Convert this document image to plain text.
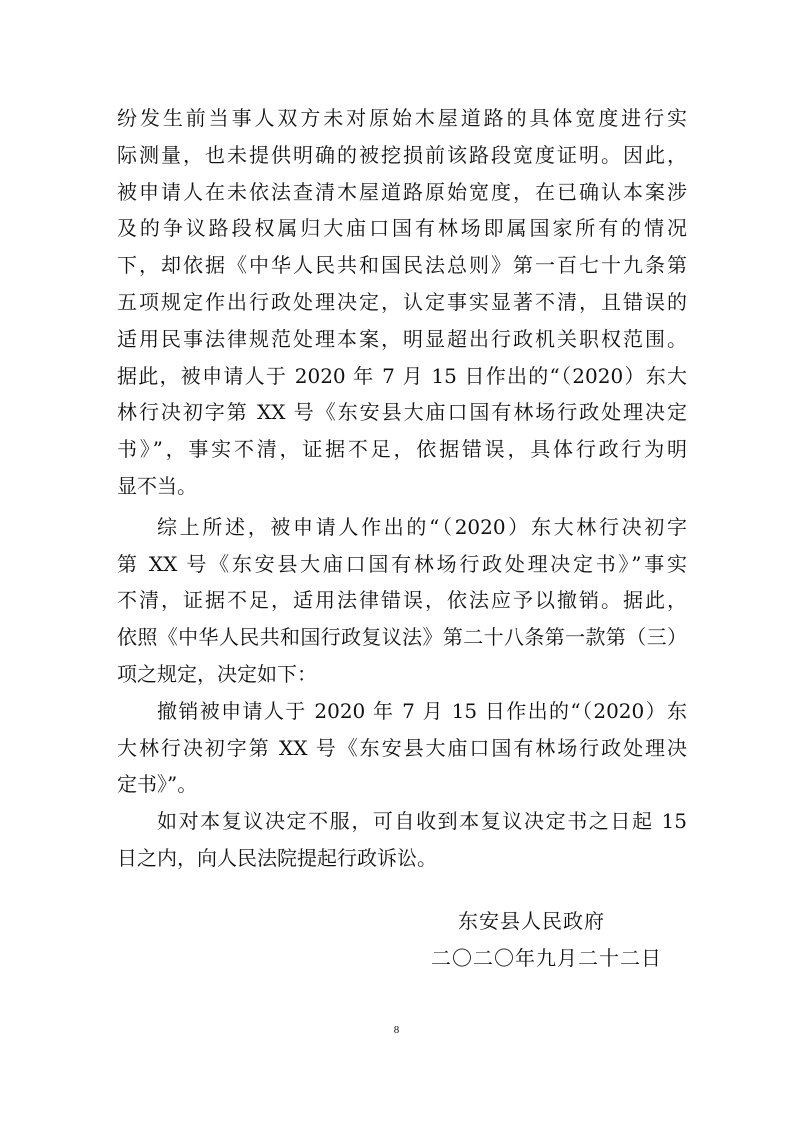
纷发生前当事人双方未对原始木屋道路的具体宽度进行实
际测量，也未提供明确的被挖损前该路段宽度证明。因此，
被申请人在未依法查清木屋道路原始宽度，在已确认本案涉
及的争议路段权属归大庙口国有林场即属国家所有的情况
下，却依据《中华人民共和国民法总则》第一百七十九条第
五项规定作出行政处理决定，认定事实显著不清，且错误的
适用民事法律规范处理本案，明显超出行政机关职权范围。
据此，被申请人于 2020 年 7 月 15 日作出的“（2020）东大
林行决初字第 XX 号《东安县大庙口国有林场行政处理决定
书》”，事实不清，证据不足，依据错误，具体行政行为明
显不当。
综上所述，被申请人作出的“（2020）东大林行决初字
第 XX 号《东安县大庙口国有林场行政处理决定书》”事实
不清，证据不足，适用法律错误，依法应予以撤销。据此，
依照《中华人民共和国行政复议法》第二十八条第一款第（三）
项之规定，决定如下：
撤销被申请人于 2020 年 7 月 15 日作出的“（2020）东
大林行决初字第 XX 号《东安县大庙口国有林场行政处理决
定书》”。
如对本复议决定不服，可自收到本复议决定书之日起 15
日之内，向人民法院提起行政诉讼。
东安县人民政府
二〇二〇年九月二十二日
8
